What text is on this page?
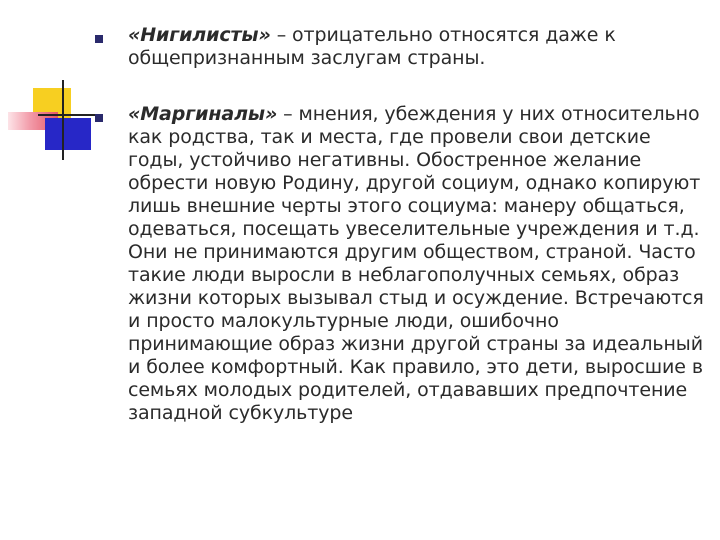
«Нигилисты» – отрицательно относятся даже к общепризнанным заслугам страны.
«Маргиналы» – мнения, убеждения у них относительно как родства, так и места, где провели свои детские годы, устойчиво негативны. Обостренное желание обрести новую Родину, другой социум, однако копируют лишь внешние черты этого социума: манеру общаться, одеваться, посещать увеселительные учреждения и т.д. Они не принимаются другим обществом, страной. Часто такие люди выросли в неблагополучных семьях, образ жизни которых вызывал стыд и осуждение. Встречаются и просто малокультурные люди, ошибочно принимающие образ жизни другой страны за идеальный и более комфортный. Как правило, это дети, выросшие в семьях молодых родителей, отдававших предпочтение западной субкультуре
